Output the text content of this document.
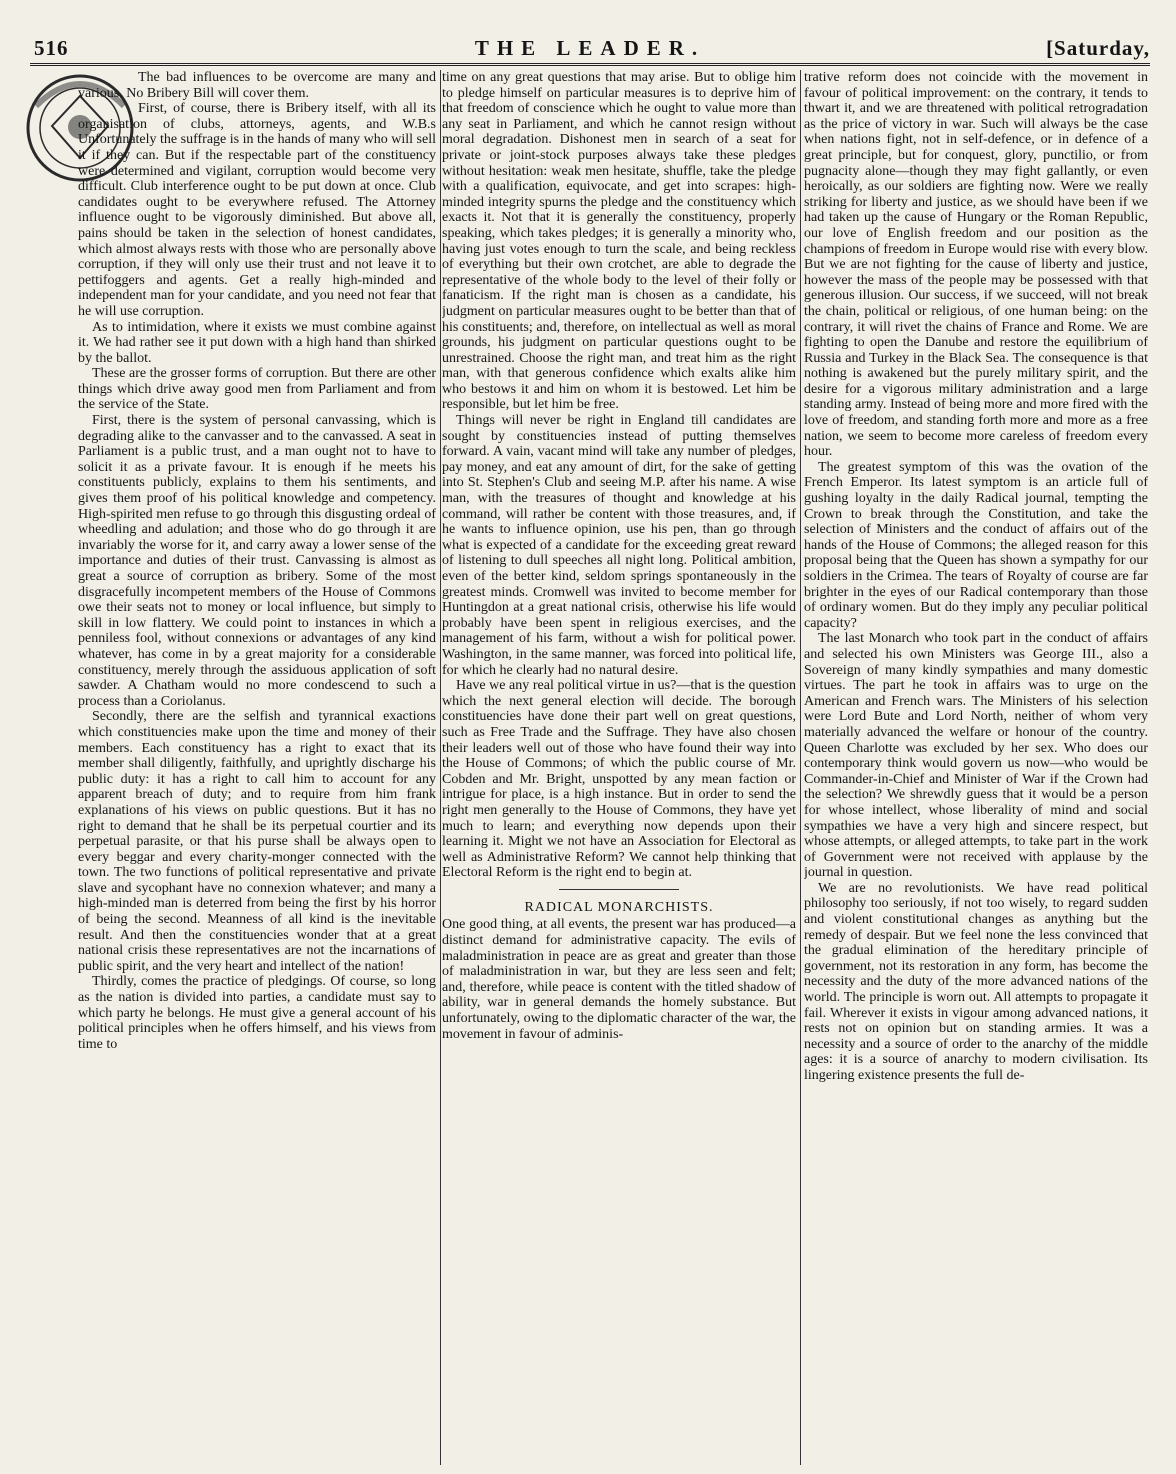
516	THE LEADER.	[Saturday,

The bad influences to be overcome are many and various. No Bribery Bill will cover them.

First, of course, there is Bribery itself, with all its organisation of clubs, attorneys, agents, and W.B.s Unfortunately the suffrage is in the hands of many who will sell it if they can. But if the respectable part of the constituency were determined and vigilant, corruption would become very difficult. Club interference ought to be put down at once. Club candidates ought to be everywhere refused. The Attorney influence ought to be vigorously diminished. But above all, pains should be taken in the selection of honest candidates, which almost always rests with those who are personally above corruption, if they will only use their trust and not leave it to pettifoggers and agents. Get a really high-minded and independent man for your candidate, and you need not fear that he will use corruption.

As to intimidation, where it exists we must combine against it. We had rather see it put down with a high hand than shirked by the ballot.

These are the grosser forms of corruption. But there are other things which drive away good men from Parliament and from the service of the State.

First, there is the system of personal canvassing, which is degrading alike to the canvasser and to the canvassed. A seat in Parliament is a public trust, and a man ought not to have to solicit it as a private favour. It is enough if he meets his constituents publicly, explains to them his sentiments, and gives them proof of his political knowledge and competency. High-spirited men refuse to go through this disgusting ordeal of wheedling and adulation; and those who do go through it are invariably the worse for it, and carry away a lower sense of the importance and duties of their trust. Canvassing is almost as great a source of corruption as bribery. Some of the most disgracefully incompetent members of the House of Commons owe their seats not to money or local influence, but simply to skill in low flattery. We could point to instances in which a penniless fool, without connexions or advantages of any kind whatever, has come in by a great majority for a considerable constituency, merely through the assiduous application of soft sawder. A Chatham would no more condescend to such a process than a Coriolanus.

Secondly, there are the selfish and tyrannical exactions which constituencies make upon the time and money of their members. Each constituency has a right to exact that its member shall diligently, faithfully, and uprightly discharge his public duty: it has a right to call him to account for any apparent breach of duty; and to require from him frank explanations of his views on public questions. But it has no right to demand that he shall be its perpetual courtier and its perpetual parasite, or that his purse shall be always open to every beggar and every charity-monger connected with the town. The two functions of political representative and private slave and sycophant have no connexion whatever; and many a high-minded man is deterred from being the first by his horror of being the second. Meanness of all kind is the inevitable result. And then the constituencies wonder that at a great national crisis these representatives are not the incarnations of public spirit, and the very heart and intellect of the nation!

Thirdly, comes the practice of pledgings. Of course, so long as the nation is divided into parties, a candidate must say to which party he belongs. He must give a general account of his political principles when he offers himself, and his views from time to

time on any great questions that may arise. But to oblige him to pledge himself on particular measures is to deprive him of that freedom of conscience which he ought to value more than any seat in Parliament, and which he cannot resign without moral degradation. Dishonest men in search of a seat for private or joint-stock purposes always take these pledges without hesitation: weak men hesitate, shuffle, take the pledge with a qualification, equivocate, and get into scrapes: high-minded integrity spurns the pledge and the constituency which exacts it. Not that it is generally the constituency, properly speaking, which takes pledges; it is generally a minority who, having just votes enough to turn the scale, and being reckless of everything but their own crotchet, are able to degrade the representative of the whole body to the level of their folly or fanaticism. If the right man is chosen as a candidate, his judgment on particular measures ought to be better than that of his constituents; and, therefore, on intellectual as well as moral grounds, his judgment on particular questions ought to be unrestrained. Choose the right man, and treat him as the right man, with that generous confidence which exalts alike him who bestows it and him on whom it is bestowed. Let him be responsible, but let him be free.

Things will never be right in England till candidates are sought by constituencies instead of putting themselves forward. A vain, vacant mind will take any number of pledges, pay money, and eat any amount of dirt, for the sake of getting into St. Stephen's Club and seeing M.P. after his name. A wise man, with the treasures of thought and knowledge at his command, will rather be content with those treasures, and, if he wants to influence opinion, use his pen, than go through what is expected of a candidate for the exceeding great reward of listening to dull speeches all night long. Political ambition, even of the better kind, seldom springs spontaneously in the greatest minds. Cromwell was invited to become member for Huntingdon at a great national crisis, otherwise his life would probably have been spent in religious exercises, and the management of his farm, without a wish for political power. Washington, in the same manner, was forced into political life, for which he clearly had no natural desire.

Have we any real political virtue in us?—that is the question which the next general election will decide. The borough constituencies have done their part well on great questions, such as Free Trade and the Suffrage. They have also chosen their leaders well out of those who have found their way into the House of Commons; of which the public course of Mr. Cobden and Mr. Bright, unspotted by any mean faction or intrigue for place, is a high instance. But in order to send the right men generally to the House of Commons, they have yet much to learn; and everything now depends upon their learning it. Might we not have an Association for Electoral as well as Administrative Reform? We cannot help thinking that Electoral Reform is the right end to begin at.

RADICAL MONARCHISTS.

One good thing, at all events, the present war has produced—a distinct demand for administrative capacity. The evils of maladministration in peace are as great and greater than those of maladministration in war, but they are less seen and felt; and, therefore, while peace is content with the titled shadow of ability, war in general demands the homely substance. But unfortunately, owing to the diplomatic character of the war, the movement in favour of adminis-

trative reform does not coincide with the movement in favour of political improvement: on the contrary, it tends to thwart it, and we are threatened with political retrogradation as the price of victory in war. Such will always be the case when nations fight, not in self-defence, or in defence of a great principle, but for conquest, glory, punctilio, or from pugnacity alone—though they may fight gallantly, or even heroically, as our soldiers are fighting now. Were we really striking for liberty and justice, as we should have been if we had taken up the cause of Hungary or the Roman Republic, our love of English freedom and our position as the champions of freedom in Europe would rise with every blow. But we are not fighting for the cause of liberty and justice, however the mass of the people may be possessed with that generous illusion. Our success, if we succeed, will not break the chain, political or religious, of one human being: on the contrary, it will rivet the chains of France and Rome. We are fighting to open the Danube and restore the equilibrium of Russia and Turkey in the Black Sea. The consequence is that nothing is awakened but the purely military spirit, and the desire for a vigorous military administration and a large standing army. Instead of being more and more fired with the love of freedom, and standing forth more and more as a free nation, we seem to become more careless of freedom every hour.

The greatest symptom of this was the ovation of the French Emperor. Its latest symptom is an article full of gushing loyalty in the daily Radical journal, tempting the Crown to break through the Constitution, and take the selection of Ministers and the conduct of affairs out of the hands of the House of Commons; the alleged reason for this proposal being that the Queen has shown a sympathy for our soldiers in the Crimea. The tears of Royalty of course are far brighter in the eyes of our Radical contemporary than those of ordinary women. But do they imply any peculiar political capacity?

The last Monarch who took part in the conduct of affairs and selected his own Ministers was George III., also a Sovereign of many kindly sympathies and many domestic virtues. The part he took in affairs was to urge on the American and French wars. The Ministers of his selection were Lord Bute and Lord North, neither of whom very materially advanced the welfare or honour of the country. Queen Charlotte was excluded by her sex. Who does our contemporary think would govern us now—who would be Commander-in-Chief and Minister of War if the Crown had the selection? We shrewdly guess that it would be a person for whose intellect, whose liberality of mind and social sympathies we have a very high and sincere respect, but whose attempts, or alleged attempts, to take part in the work of Government were not received with applause by the journal in question.

We are no revolutionists. We have read political philosophy too seriously, if not too wisely, to regard sudden and violent constitutional changes as anything but the remedy of despair. But we feel none the less convinced that the gradual elimination of the hereditary principle of government, not its restoration in any form, has become the necessity and the duty of the more advanced nations of the world. The principle is worn out. All attempts to propagate it fail. Wherever it exists in vigour among advanced nations, it rests not on opinion but on standing armies. It was a necessity and a source of order to the anarchy of the middle ages: it is a source of anarchy to modern civilisation. Its lingering existence presents the full de-
